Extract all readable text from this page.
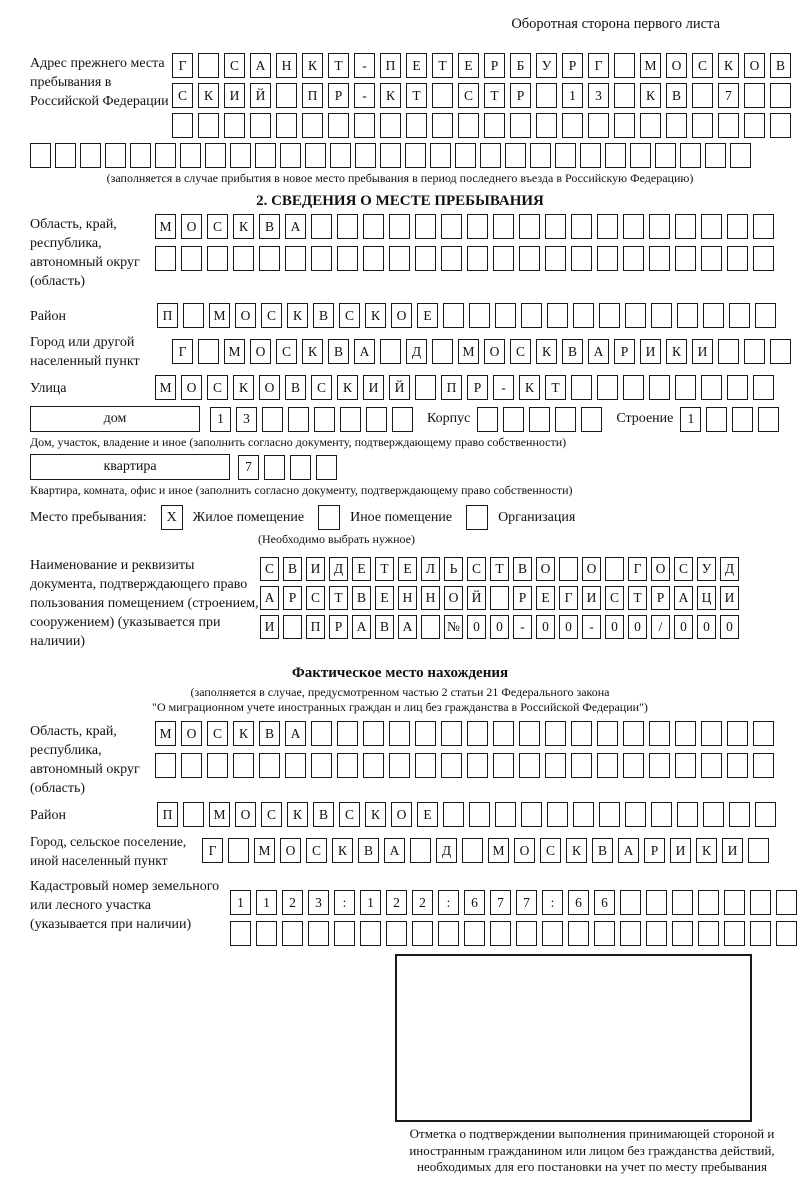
Оборотная сторона первого листа
Адрес прежнего места пребывания в Российской Федерации
Г	С	А	Н	К	Т	-	П	Е	Т	Е	Р	Б	У	Р	Г	М	О	С	К	О	В
С	К	И	Й	П	Р	-	К	Т	С	Т	Р	1	3	К	В	7
(заполняется в случае прибытия в новое место пребывания в период последнего въезда в Российскую Федерацию)
2. СВЕДЕНИЯ О МЕСТЕ ПРЕБЫВАНИЯ
Область, край, республика, автономный округ (область)
М	О	С	К	В	А
Район	П	М	О	С	К	В	С	К	О	Е
Город или другой населенный пункт
Г	М	О	С	К	В	А	Д	М	О	С	К	В	А	Р	И	К	И
Улица	М	О	С	К	О	В	С	К	И	Й	П	Р	-	К	Т
дом	1	3	Корпус	Строение	1
Дом, участок, владение и иное (заполнить согласно документу, подтверждающему право собственности)
квартира	7
Квартира, комната, офис и иное (заполнить согласно документу, подтверждающему право собственности)
Место пребывания:	X	Жилое помещение	Иное помещение	Организация
(Необходимо выбрать нужное)
Наименование и реквизиты документа, подтверждающего право пользования помещением (строением, сооружением) (указывается при наличии)
С	В	И	Д	Е	Т	Е	Л	Ь	С	Т	В	О	О	Г	О	С	У	Д
А	Р	С	Т	В	Е	Н Н О Й	Р	Е	Г	И	С	Т	Р	А Ц И
И	П	Р	А	В	А	№ 0	0	-	0	0	-	0	0	/	0	0	0
Фактическое место нахождения
(заполняется в случае, предусмотренном частью 2 статьи 21 Федерального закона
"О миграционном учете иностранных граждан и лиц без гражданства в Российской Федерации")
Область, край, республика, автономный округ (область)
М	О	С	К	В	А
Район	П	М	О	С	К	В	С	К	О	Е
Город, сельское поселение, иной населенный пункт
Г	М	О	С	К	В	А	Д	М	О	С	К	В	А	Р	И	К	И
Кадастровый номер земельного или лесного участка (указывается при наличии)
1	1	2	3	:	1	2	2	:	6	7	7	:	6	6
Отметка о подтверждении выполнения принимающей стороной и иностранным гражданином или лицом без гражданства действий, необходимых для его постановки на учет по месту пребывания
